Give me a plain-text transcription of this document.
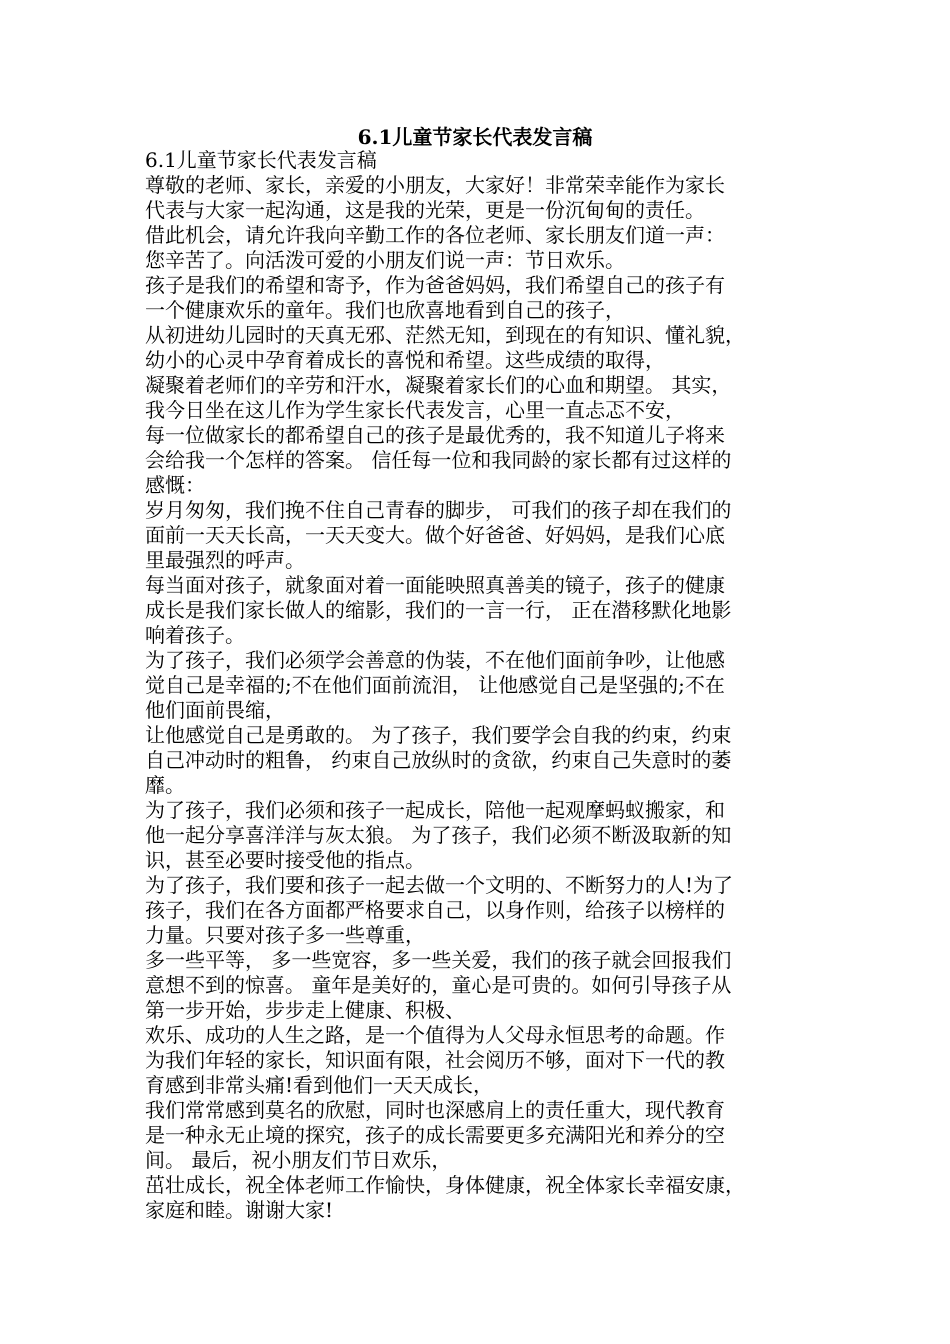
6.1儿童节家长代表发言稿
6.1儿童节家长代表发言稿
尊敬的老师、家长，亲爱的小朋友，大家好！非常荣幸能作为家长
代表与大家一起沟通，这是我的光荣，更是一份沉甸甸的责任。
借此机会，请允许我向辛勤工作的各位老师、家长朋友们道一声：
您辛苦了。向活泼可爱的小朋友们说一声：节日欢乐。
孩子是我们的希望和寄予，作为爸爸妈妈，我们希望自己的孩子有
一个健康欢乐的童年。我们也欣喜地看到自己的孩子，
从初进幼儿园时的天真无邪、茫然无知，到现在的有知识、懂礼貌，
幼小的心灵中孕育着成长的喜悦和希望。这些成绩的取得，
凝聚着老师们的辛劳和汗水，凝聚着家长们的心血和期望。 其实，
我今日坐在这儿作为学生家长代表发言，心里一直忐忑不安，
每一位做家长的都希望自己的孩子是最优秀的，我不知道儿子将来
会给我一个怎样的答案。 信任每一位和我同龄的家长都有过这样的
感慨：
岁月匆匆，我们挽不住自己青春的脚步， 可我们的孩子却在我们的
面前一天天长高，一天天变大。做个好爸爸、好妈妈，是我们心底
里最强烈的呼声。
每当面对孩子，就象面对着一面能映照真善美的镜子，孩子的健康
成长是我们家长做人的缩影，我们的一言一行， 正在潜移默化地影
响着孩子。
为了孩子，我们必须学会善意的伪装，不在他们面前争吵，让他感
觉自己是幸福的;不在他们面前流泪， 让他感觉自己是坚强的;不在
他们面前畏缩，
让他感觉自己是勇敢的。 为了孩子，我们要学会自我的约束，约束
自己冲动时的粗鲁， 约束自己放纵时的贪欲，约束自己失意时的萎
靡。
为了孩子，我们必须和孩子一起成长，陪他一起观摩蚂蚁搬家，和
他一起分享喜洋洋与灰太狼。 为了孩子，我们必须不断汲取新的知
识，甚至必要时接受他的指点。
为了孩子，我们要和孩子一起去做一个文明的、不断努力的人!为了
孩子，我们在各方面都严格要求自己，以身作则，给孩子以榜样的
力量。只要对孩子多一些尊重，
多一些平等， 多一些宽容，多一些关爱，我们的孩子就会回报我们
意想不到的惊喜。 童年是美好的，童心是可贵的。如何引导孩子从
第一步开始，步步走上健康、积极、
欢乐、成功的人生之路，是一个值得为人父母永恒思考的命题。作
为我们年轻的家长，知识面有限，社会阅历不够，面对下一代的教
育感到非常头痛!看到他们一天天成长，
我们常常感到莫名的欣慰，同时也深感肩上的责任重大，现代教育
是一种永无止境的探究，孩子的成长需要更多充满阳光和养分的空
间。 最后，祝小朋友们节日欢乐，
茁壮成长，祝全体老师工作愉快，身体健康，祝全体家长幸福安康，
家庭和睦。谢谢大家!
